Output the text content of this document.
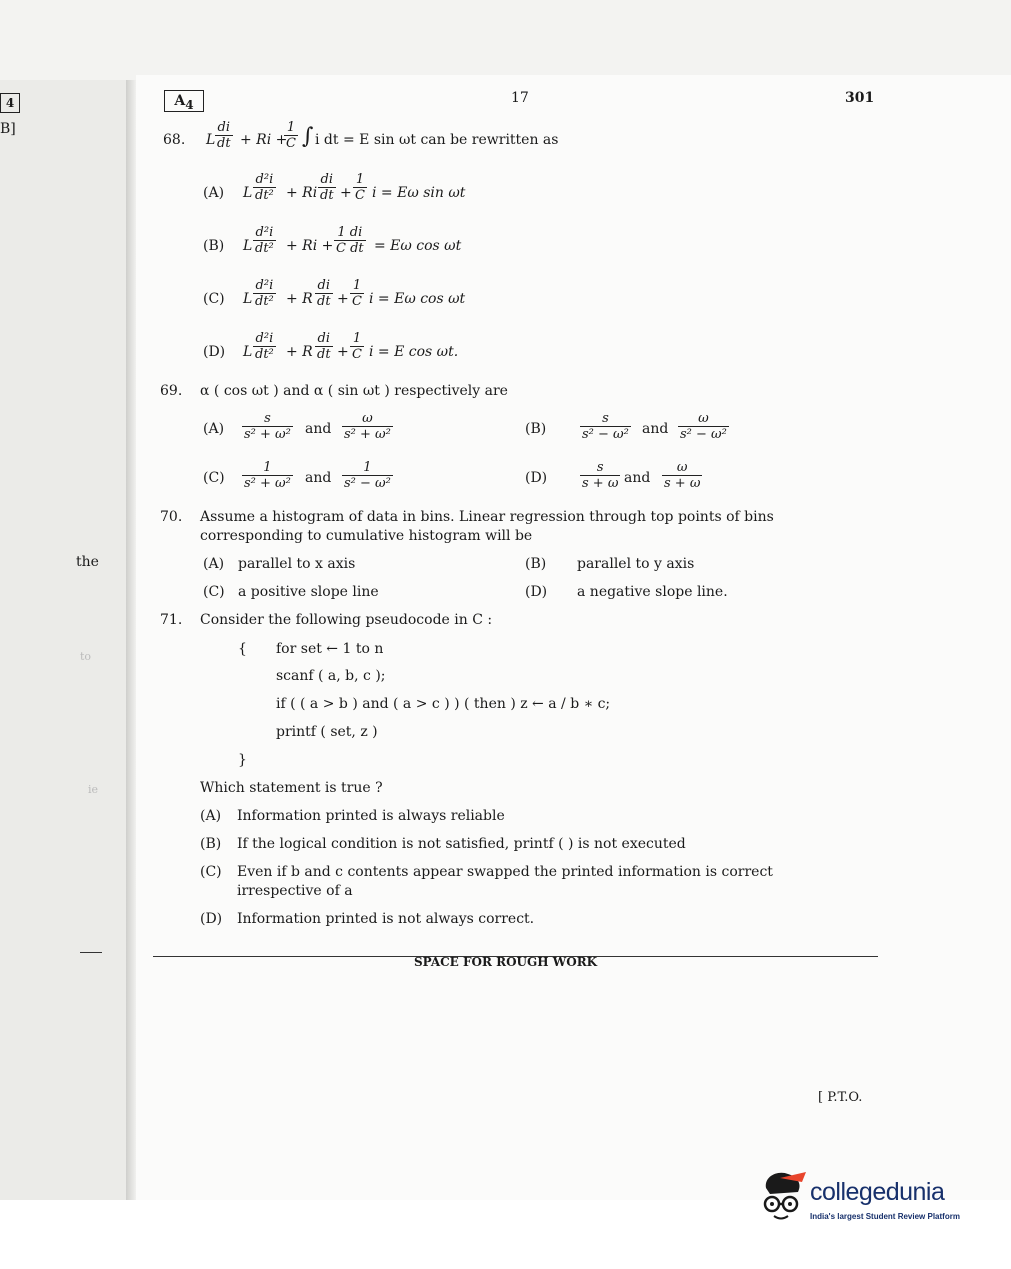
4
B]
the
to
ie
$A_4$	17	301
68. L $\frac{di}{dt} + Ri$ +
$\frac{1}{C}$ ∫ i dt = E sin ωt can be rewritten as
(A) L $\frac{\text{d²i}}{\text{dt²}} + Ri \frac{di}{dt} + \frac{1}{C}$ i = Eω sin ωt
(B) L $\frac{\text{d²i}}{\text{dt²}} + Ri + \frac{1 di}{\text{C dt}} = E\omega$ cos ωt
(C) L $\frac{\text{d²i}}{\text{dt²}} + R \frac{di}{dt} + \frac{1}{C}$ i = Eω cos ωt
(D) L $\frac{\text{d²i}}{\text{dt²}} + R \frac{di}{dt} + \frac{1}{C}$ i = E cos ωt.
69. α ( cos ωt ) and α ( sin ωt ) respectively are
$(A) \frac{s}{\text{s² + ω²}}$ and $\frac{\omega}{\text{s² + ω²}}$	(B)	$\frac{s}{\text{s² − ω²}}$ and $\frac{\omega}{\text{s² − ω²}}$
$(C) \frac{1}{\text{s² + ω²}}$ and $\frac{1}{\text{s² − ω²}}$	(D)	$\frac{s}{s + \omega}$ and $\frac{\omega}{s + \omega}$
70. Assume a histogram of data in bins. Linear regression through top points of bins
corresponding to cumulative histogram will be
(A) parallel to x axis	(B) parallel to y axis
(C) a positive slope line	(D) a negative slope line.
71. Consider the following pseudocode in C :
{ for set ← 1 to n
scanf ( a, b, c );
if ( ( a > b ) and ( a > c ) ) ( then ) z ← a / b ∗ c;
printf ( set, z )
}
Which statement is true ?
(A) Information printed is always reliable
(B) If the logical condition is not satisfied, printf ( ) is not executed
(C) Even if b and c contents appear swapped the printed information is correct
irrespective of a
(D) Information printed is not always correct.
SPACE FOR ROUGH WORK
[ P.T.O.
collegedunia
India's largest Student Review Platform
